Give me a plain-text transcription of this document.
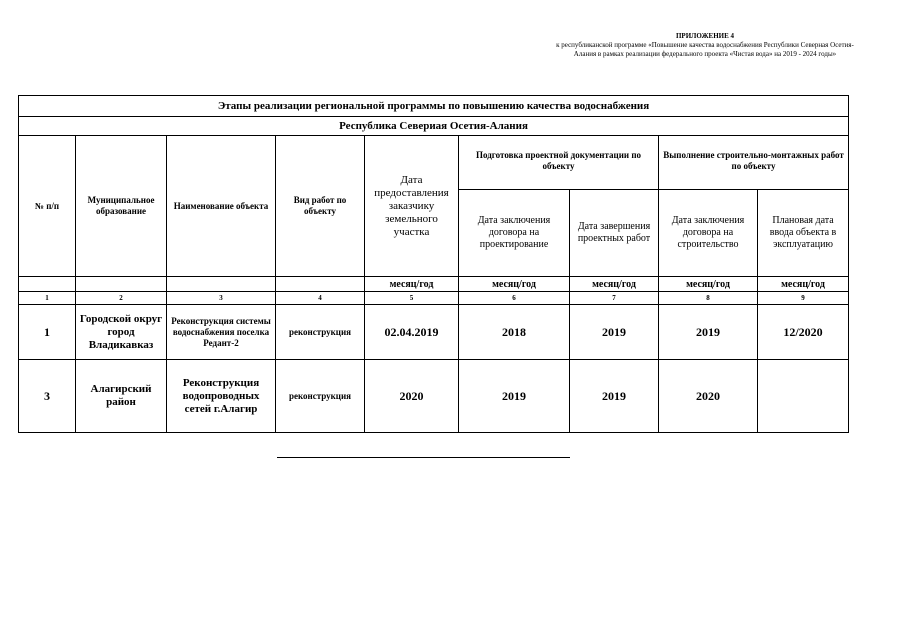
ПРИЛОЖЕНИЕ 4
к республиканской программе «Повышение качества водоснабжения Республики Северная Осетия-Алания в рамках реализации федерального проекта «Чистая вода» на 2019 - 2024 годы»
Этапы реализации региональной программы по повышению качества водоснабжения								
Республика Севериая Осетия-Алания								
№ п/п	Муниципальное образование	Наименование объекта	Вид работ по объекту	Дата предоставления заказчику земельного участка	Подготовка проектной документации по объекту		Выполнение строительно-монтажных работ по объекту	
					Дата заключения договора на проектирование	Дата завершения проектных работ	Дата заключения договора на строительство	Плановая дата ввода объекта в эксплуатацию
				месяц/год	месяц/год	месяц/год	месяц/год	месяц/год
1	2	3	4	5	6	7	8	9
1	Городской округ город Владикавказ	Реконструкция системы водоснабжения поселка Редант-2	реконструкция	02.04.2019	2018	2019	2019	12/2020
3	Алагирский район	Реконструкция водопроводных сетей г.Алагир	реконструкция	2020	2019	2019	2020	
